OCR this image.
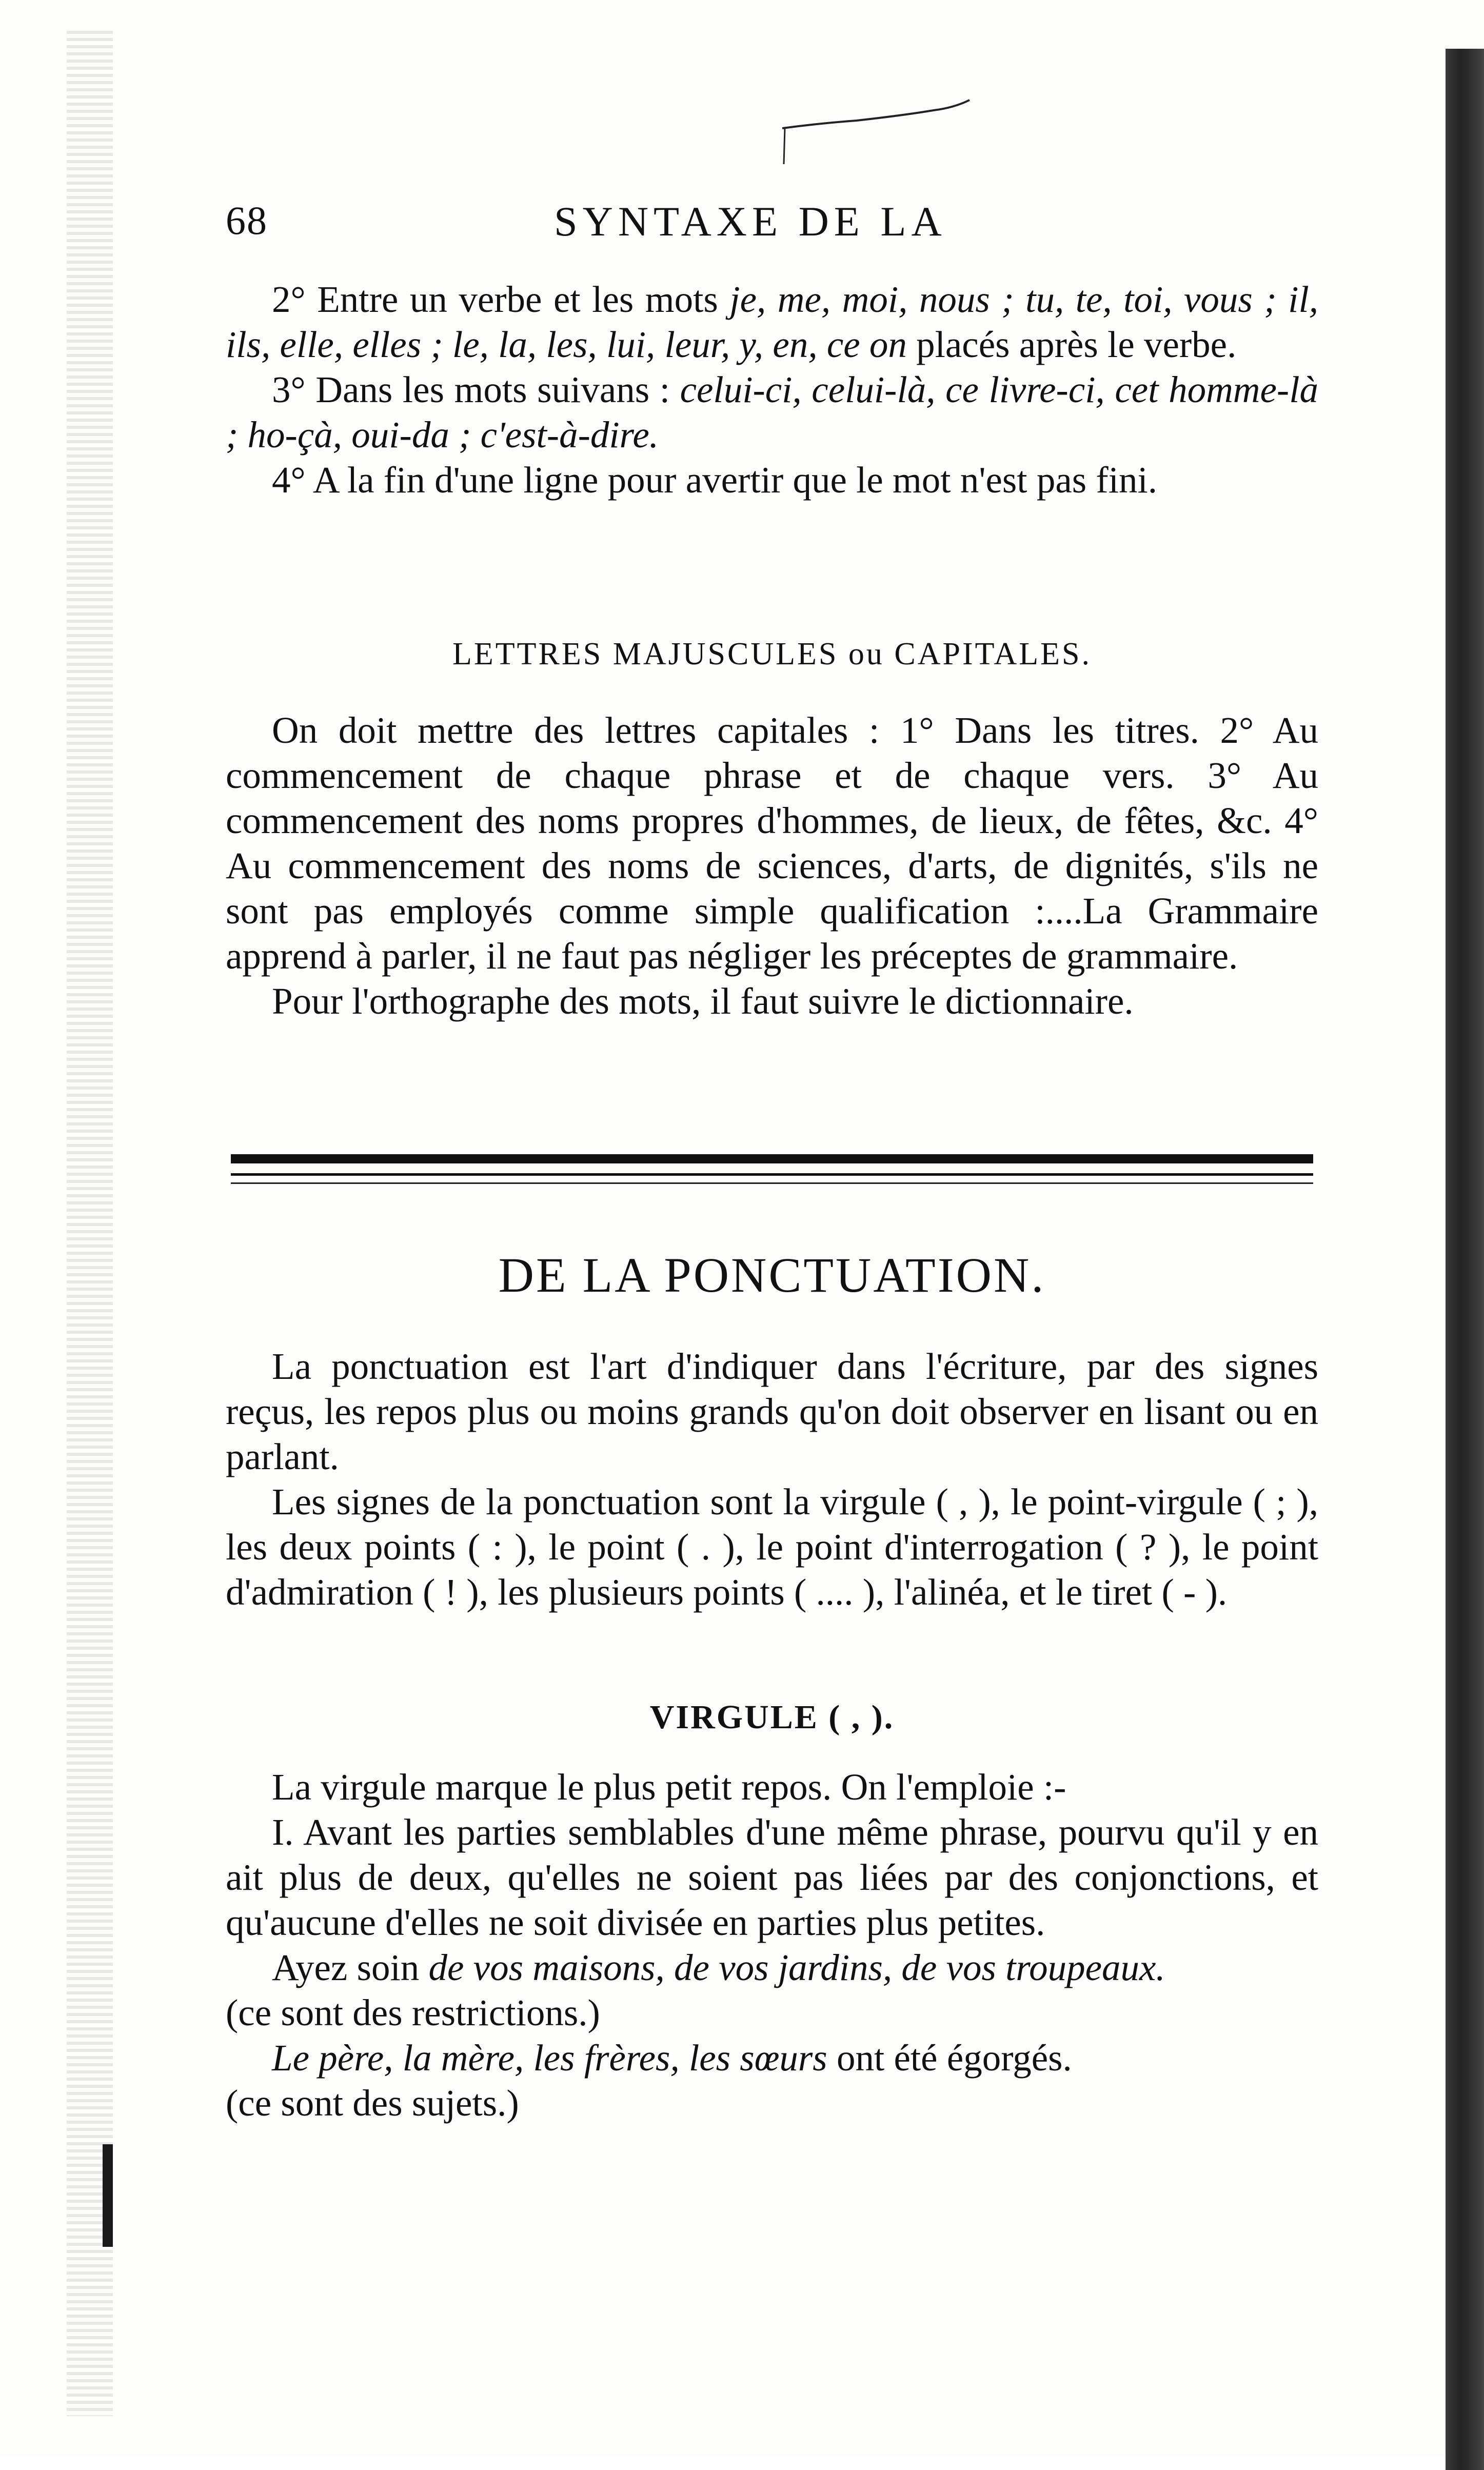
68	SYNTAXE DE LA

2° Entre un verbe et les mots je, me, moi, nous ; tu, te, toi, vous ; il, ils, elle, elles ; le, la, les, lui, leur, y, en, ce on placés après le verbe.

3° Dans les mots suivans : celui-ci, celui-là, ce livre-ci, cet homme-là ; ho-çà, oui-da ; c'est-à-dire.

4° A la fin d'une ligne pour avertir que le mot n'est pas fini.

LETTRES MAJUSCULES ou CAPITALES.

On doit mettre des lettres capitales : 1° Dans les titres. 2° Au commencement de chaque phrase et de chaque vers. 3° Au commencement des noms propres d'hommes, de lieux, de fêtes, &c. 4° Au commencement des noms de sciences, d'arts, de dignités, s'ils ne sont pas employés comme simple qualification :....La Grammaire apprend à parler, il ne faut pas négliger les préceptes de grammaire.

Pour l'orthographe des mots, il faut suivre le dictionnaire.

DE LA PONCTUATION.

La ponctuation est l'art d'indiquer dans l'écriture, par des signes reçus, les repos plus ou moins grands qu'on doit observer en lisant ou en parlant.

Les signes de la ponctuation sont la virgule ( , ), le point-virgule ( ; ), les deux points ( : ), le point ( . ), le point d'interrogation ( ? ), le point d'admiration ( ! ), les plusieurs points ( .... ), l'alinéa, et le tiret ( - ).

VIRGULE ( , ).

La virgule marque le plus petit repos. On l'emploie :-

I. Avant les parties semblables d'une même phrase, pourvu qu'il y en ait plus de deux, qu'elles ne soient pas liées par des conjonctions, et qu'aucune d'elles ne soit divisée en parties plus petites.

Ayez soin de vos maisons, de vos jardins, de vos troupeaux.

(ce sont des restrictions.)

Le père, la mère, les frères, les sœurs ont été égorgés.

(ce sont des sujets.)
